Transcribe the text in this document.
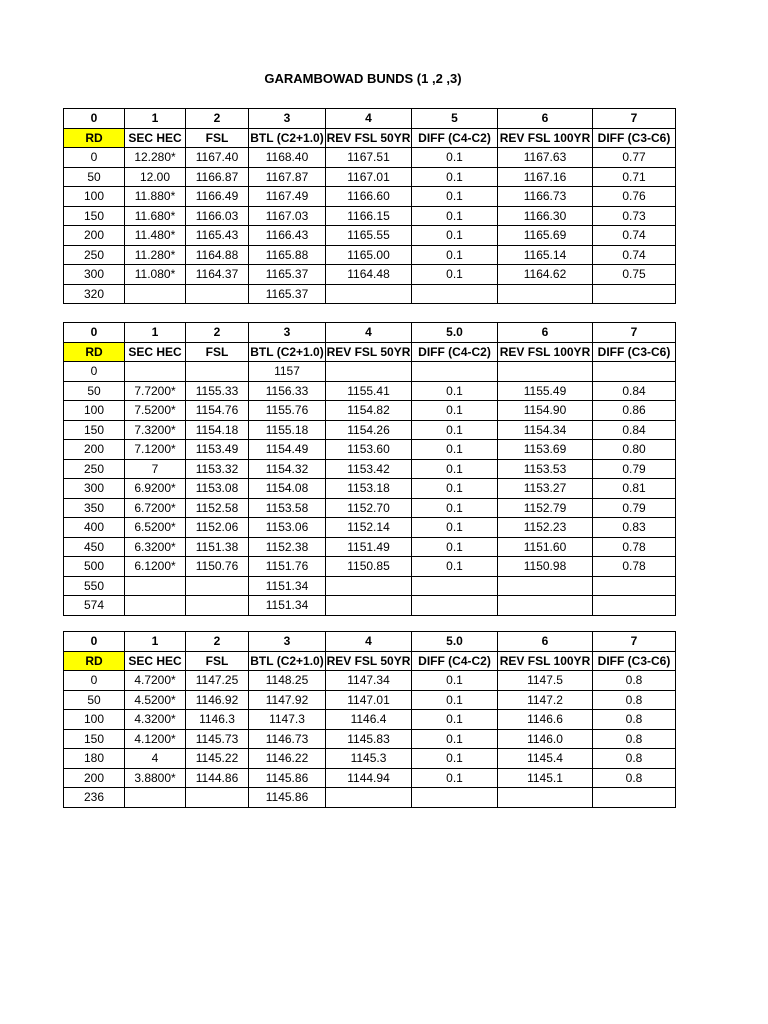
GARAMBOWAD BUNDS (1 ,2 ,3)
0	1	2	3	4	5	6	7
RD	SEC HEC	FSL	BTL (C2+1.0)	REV FSL 50YR	DIFF (C4-C2)	REV FSL 100YR	DIFF (C3-C6)
0	12.280*	1167.40	1168.40	1167.51	0.1	1167.63	0.77
50	12.00	1166.87	1167.87	1167.01	0.1	1167.16	0.71
100	11.880*	1166.49	1167.49	1166.60	0.1	1166.73	0.76
150	11.680*	1166.03	1167.03	1166.15	0.1	1166.30	0.73
200	11.480*	1165.43	1166.43	1165.55	0.1	1165.69	0.74
250	11.280*	1164.88	1165.88	1165.00	0.1	1165.14	0.74
300	11.080*	1164.37	1165.37	1164.48	0.1	1164.62	0.75
320			1165.37				
0	1	2	3	4	5.0	6	7
RD	SEC HEC	FSL	BTL (C2+1.0)	REV FSL 50YR	DIFF (C4-C2)	REV FSL 100YR	DIFF (C3-C6)
0			1157				
50	7.7200*	1155.33	1156.33	1155.41	0.1	1155.49	0.84
100	7.5200*	1154.76	1155.76	1154.82	0.1	1154.90	0.86
150	7.3200*	1154.18	1155.18	1154.26	0.1	1154.34	0.84
200	7.1200*	1153.49	1154.49	1153.60	0.1	1153.69	0.80
250	7	1153.32	1154.32	1153.42	0.1	1153.53	0.79
300	6.9200*	1153.08	1154.08	1153.18	0.1	1153.27	0.81
350	6.7200*	1152.58	1153.58	1152.70	0.1	1152.79	0.79
400	6.5200*	1152.06	1153.06	1152.14	0.1	1152.23	0.83
450	6.3200*	1151.38	1152.38	1151.49	0.1	1151.60	0.78
500	6.1200*	1150.76	1151.76	1150.85	0.1	1150.98	0.78
550			1151.34				
574			1151.34				
0	1	2	3	4	5.0	6	7
RD	SEC HEC	FSL	BTL (C2+1.0)	REV FSL 50YR	DIFF (C4-C2)	REV FSL 100YR	DIFF (C3-C6)
0	4.7200*	1147.25	1148.25	1147.34	0.1	1147.5	0.8
50	4.5200*	1146.92	1147.92	1147.01	0.1	1147.2	0.8
100	4.3200*	1146.3	1147.3	1146.4	0.1	1146.6	0.8
150	4.1200*	1145.73	1146.73	1145.83	0.1	1146.0	0.8
180	4	1145.22	1146.22	1145.3	0.1	1145.4	0.8
200	3.8800*	1144.86	1145.86	1144.94	0.1	1145.1	0.8
236			1145.86				
